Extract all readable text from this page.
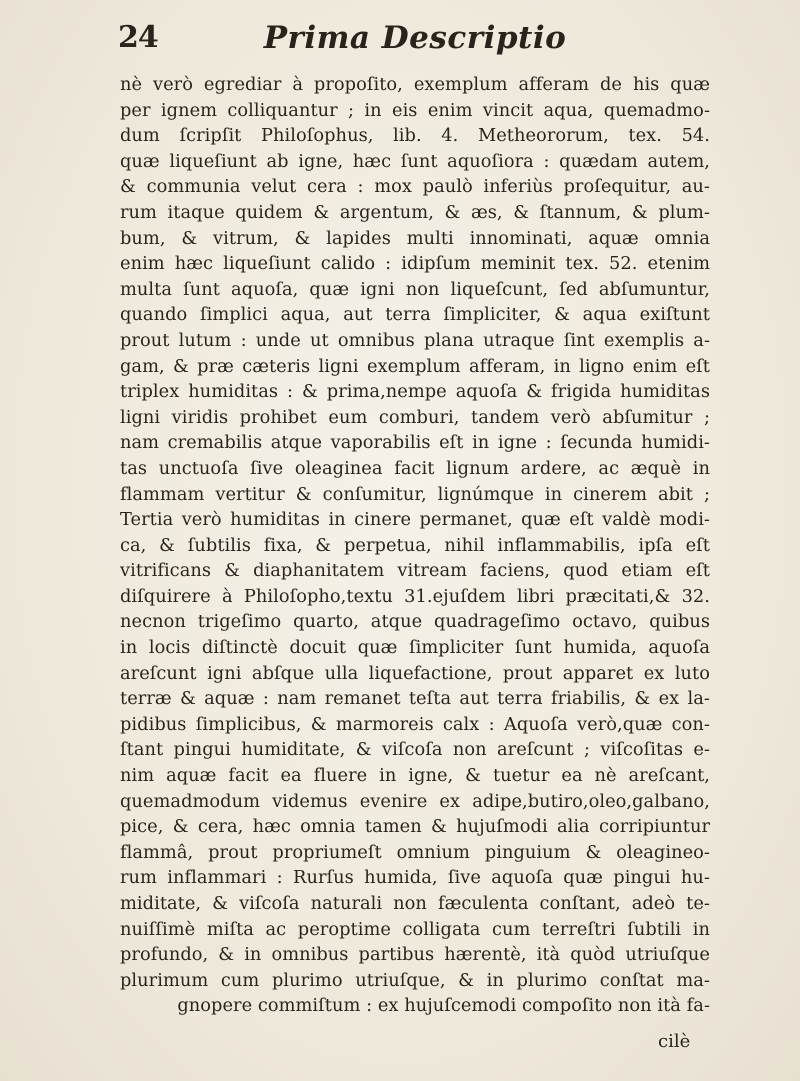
24	Prima Descriptio
nè verò egrediar à propoſito, exemplum afferam de his quæ
per ignem colliquantur ; in eis enim vincit aqua, quemadmo-
dum ſcripſit Philoſophus, lib. 4. Metheororum, tex. 54.
quæ liqueſiunt ab igne, hæc ſunt aquoſiora : quædam autem,
& communia velut cera : mox paulò inferiùs proſequitur, au-
rum itaque quidem & argentum, & æs, & ſtannum, & plum-
bum, & vitrum, & lapides multi innominati, aquæ omnia
enim hæc liqueſiunt calido : idipſum meminit tex. 52. etenim
multa ſunt aquoſa, quæ igni non liqueſcunt, ſed abſumuntur,
quando ſimplici aqua, aut terra ſimpliciter, & aqua exiſtunt
prout lutum : unde ut omnibus plana utraque ſint exemplis a-
gam, & præ cæteris ligni exemplum afferam, in ligno enim eſt
triplex humiditas : & prima,nempe aquoſa & frigida humiditas
ligni viridis prohibet eum comburi, tandem verò abſumitur ;
nam cremabilis atque vaporabilis eſt in igne : ſecunda humidi-
tas unctuoſa ſive oleaginea facit lignum ardere, ac æquè in
flammam vertitur & conſumitur, lignúmque in cinerem abit ;
Tertia verò humiditas in cinere permanet, quæ eſt valdè modi-
ca, & ſubtilis fixa, & perpetua, nihil inflammabilis, ipſa eſt
vitrificans & diaphanitatem vitream faciens, quod etiam eſt
diſquirere à Philoſopho,textu 31.ejuſdem libri præcitati,& 32.
necnon trigeſimo quarto, atque quadrageſimo octavo, quibus
in locis diſtinctè docuit quæ ſimpliciter ſunt humida, aquoſa
areſcunt igni abſque ulla liquefactione, prout apparet ex luto
terræ & aquæ : nam remanet teſta aut terra friabilis, & ex la-
pidibus ſimplicibus, & marmoreis calx : Aquoſa verò,quæ con-
ſtant pingui humiditate, & viſcoſa non areſcunt ; viſcoſitas e-
nim aquæ facit ea fluere in igne, & tuetur ea nè areſcant,
quemadmodum videmus evenire ex adipe,butiro,oleo,galbano,
pice, & cera, hæc omnia tamen & hujuſmodi alia corripiuntur
flammâ, prout propriumeſt omnium pinguium & oleagineo-
rum inflammari : Rurſus humida, ſive aquoſa quæ pingui hu-
miditate, & viſcoſa naturali non fæculenta conſtant, adeò te-
nuiſſimè miſta ac peroptime colligata cum terreſtri ſubtili in
profundo, & in omnibus partibus hærentè, ità quòd utriuſque
plurimum cum plurimo utriuſque, & in plurimo conſtat ma-
gnopere commiſtum : ex hujuſcemodi compoſito non ità fa-
cilè
